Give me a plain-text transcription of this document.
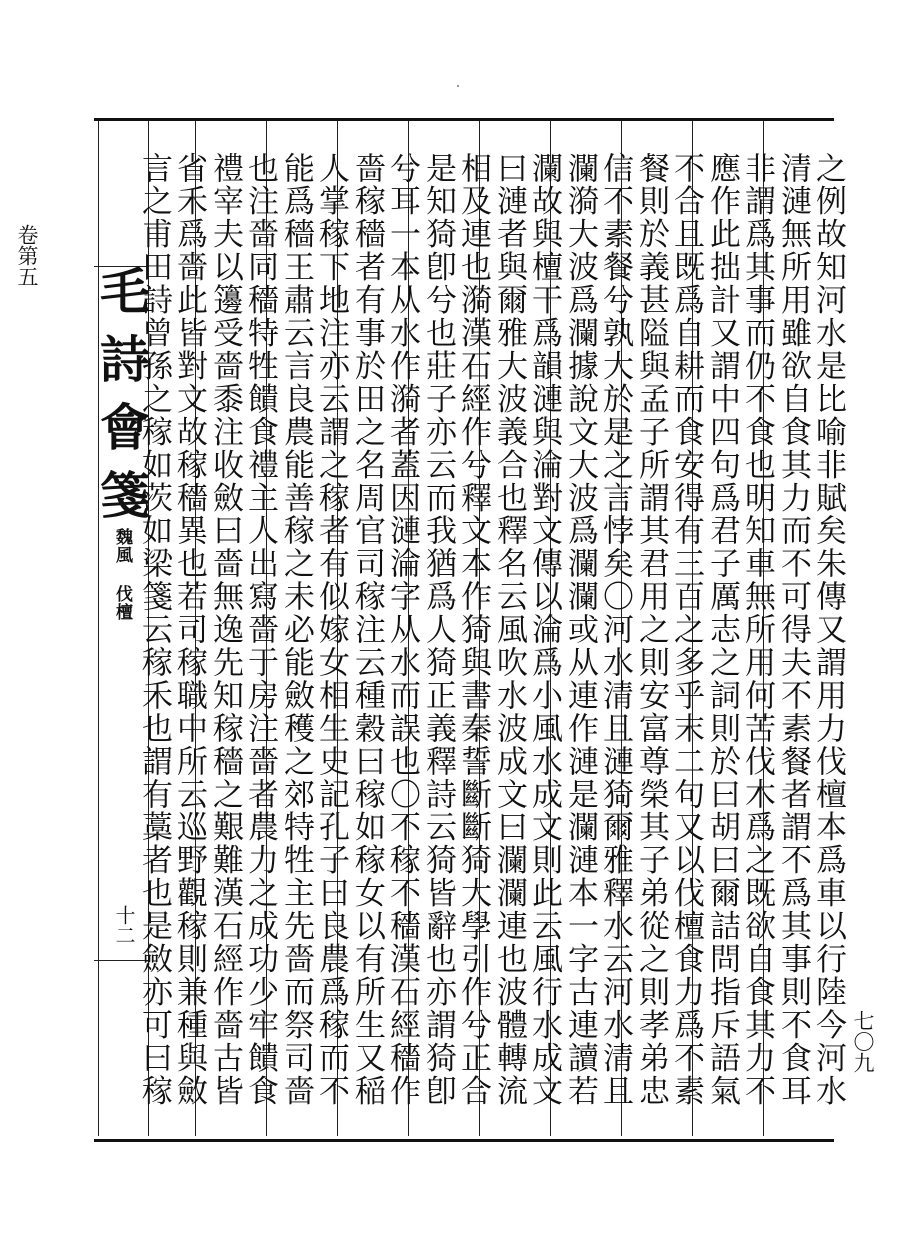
卷第五
七〇九
毛詩會箋
魏風 伐檀
十二	之例故知河水是比喻非賦矣朱傳又謂用力伐檀本爲車以行陸今河水
清漣無所用雖欲自食其力而不可得夫不素餐者謂不爲其事則不食耳
非謂爲其事而仍不食也明知車無所用何苦伐木爲之既欲自食其力不
應作此拙計又謂中四句爲君子厲志之詞則於曰胡曰爾詰問指斥語氣
不合且既爲自耕而食安得有三百之多乎末二句又以伐檀食力爲不素
餐則於義甚隘與孟子所謂其君用之則安富尊榮其子弟從之則孝弟忠
信不素餐兮孰大於是之言悖矣〇河水清且漣猗爾雅釋水云河水清且
瀾漪大波爲瀾據說文大波爲瀾瀾或从連作漣是瀾漣本一字古連讀若
瀾故與檀干爲韻漣與淪對文傳以淪爲小風水成文則此云風行水成文
曰漣者與爾雅大波義合也釋名云風吹水波成文曰瀾瀾連也波體轉流
相及連也漪漢石經作兮釋文本作猗與書秦誓斷斷猗大學引作兮正合
是知猗卽兮也莊子亦云而我猶爲人猗正義釋詩云猗皆辭也亦謂猗卽
兮耳一本从水作漪者蓋因漣淪字从水而誤也〇不稼不穡漢石經穡作
嗇稼穡者有事於田之名周官司稼注云種穀曰稼如稼女以有所生又稲
人掌稼下地注亦云謂之稼者有似嫁女相生史記孔子曰良農爲稼而不
能爲穡王肅云言良農能善稼之未必能斂穫之郊特牲主先嗇而祭司嗇
也注嗇同穡特牲饋食禮主人出寫嗇于房注嗇者農力之成功少牢饋食
禮宰夫以籩受嗇黍注收斂曰嗇無逸先知稼穡之艱難漢石經作嗇古皆
省禾爲嗇此皆對文故稼穡異也若司稼職中所云巡野觀稼則兼種與斂
言之甫田詩曾孫之稼如茨如梁箋云稼禾也謂有藁者也是斂亦可曰稼
